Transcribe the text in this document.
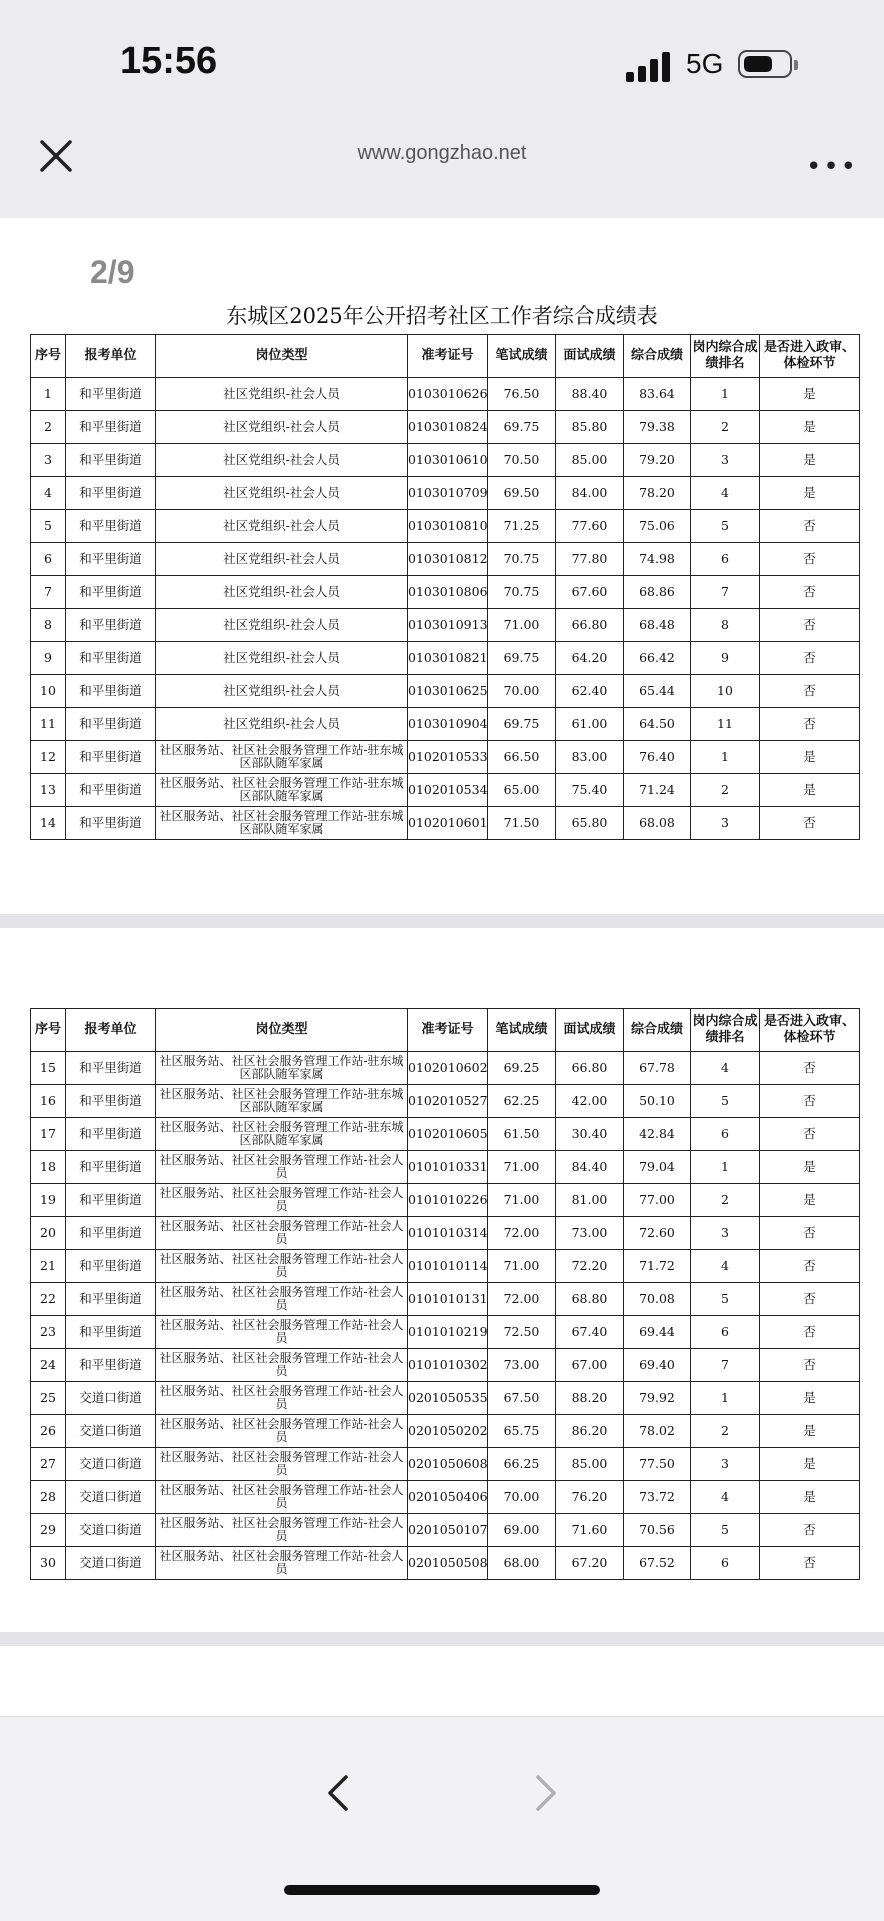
15:56	5G
www.gongzhao.net	•••
2/9
东城区2025年公开招考社区工作者综合成绩表
序号	报考单位	岗位类型	准考证号	笔试成绩	面试成绩	综合成绩	岗内综合成绩排名	是否进入政审、体检环节
1	和平里街道	社区党组织-社会人员	0103010626	76.50	88.40	83.64	1	是
2	和平里街道	社区党组织-社会人员	0103010824	69.75	85.80	79.38	2	是
3	和平里街道	社区党组织-社会人员	0103010610	70.50	85.00	79.20	3	是
4	和平里街道	社区党组织-社会人员	0103010709	69.50	84.00	78.20	4	是
5	和平里街道	社区党组织-社会人员	0103010810	71.25	77.60	75.06	5	否
6	和平里街道	社区党组织-社会人员	0103010812	70.75	77.80	74.98	6	否
7	和平里街道	社区党组织-社会人员	0103010806	70.75	67.60	68.86	7	否
8	和平里街道	社区党组织-社会人员	0103010913	71.00	66.80	68.48	8	否
9	和平里街道	社区党组织-社会人员	0103010821	69.75	64.20	66.42	9	否
10	和平里街道	社区党组织-社会人员	0103010625	70.00	62.40	65.44	10	否
11	和平里街道	社区党组织-社会人员	0103010904	69.75	61.00	64.50	11	否
12	和平里街道	社区服务站、社区社会服务管理工作站-驻东城区部队随军家属	0102010533	66.50	83.00	76.40	1	是
13	和平里街道	社区服务站、社区社会服务管理工作站-驻东城区部队随军家属	0102010534	65.00	75.40	71.24	2	是
14	和平里街道	社区服务站、社区社会服务管理工作站-驻东城区部队随军家属	0102010601	71.50	65.80	68.08	3	否
序号	报考单位	岗位类型	准考证号	笔试成绩	面试成绩	综合成绩	岗内综合成绩排名	是否进入政审、体检环节
15	和平里街道	社区服务站、社区社会服务管理工作站-驻东城区部队随军家属	0102010602	69.25	66.80	67.78	4	否
16	和平里街道	社区服务站、社区社会服务管理工作站-驻东城区部队随军家属	0102010527	62.25	42.00	50.10	5	否
17	和平里街道	社区服务站、社区社会服务管理工作站-驻东城区部队随军家属	0102010605	61.50	30.40	42.84	6	否
18	和平里街道	社区服务站、社区社会服务管理工作站-社会人员	0101010331	71.00	84.40	79.04	1	是
19	和平里街道	社区服务站、社区社会服务管理工作站-社会人员	0101010226	71.00	81.00	77.00	2	是
20	和平里街道	社区服务站、社区社会服务管理工作站-社会人员	0101010314	72.00	73.00	72.60	3	否
21	和平里街道	社区服务站、社区社会服务管理工作站-社会人员	0101010114	71.00	72.20	71.72	4	否
22	和平里街道	社区服务站、社区社会服务管理工作站-社会人员	0101010131	72.00	68.80	70.08	5	否
23	和平里街道	社区服务站、社区社会服务管理工作站-社会人员	0101010219	72.50	67.40	69.44	6	否
24	和平里街道	社区服务站、社区社会服务管理工作站-社会人员	0101010302	73.00	67.00	69.40	7	否
25	交道口街道	社区服务站、社区社会服务管理工作站-社会人员	0201050535	67.50	88.20	79.92	1	是
26	交道口街道	社区服务站、社区社会服务管理工作站-社会人员	0201050202	65.75	86.20	78.02	2	是
27	交道口街道	社区服务站、社区社会服务管理工作站-社会人员	0201050608	66.25	85.00	77.50	3	是
28	交道口街道	社区服务站、社区社会服务管理工作站-社会人员	0201050406	70.00	76.20	73.72	4	是
29	交道口街道	社区服务站、社区社会服务管理工作站-社会人员	0201050107	69.00	71.60	70.56	5	否
30	交道口街道	社区服务站、社区社会服务管理工作站-社会人员	0201050508	68.00	67.20	67.52	6	否
